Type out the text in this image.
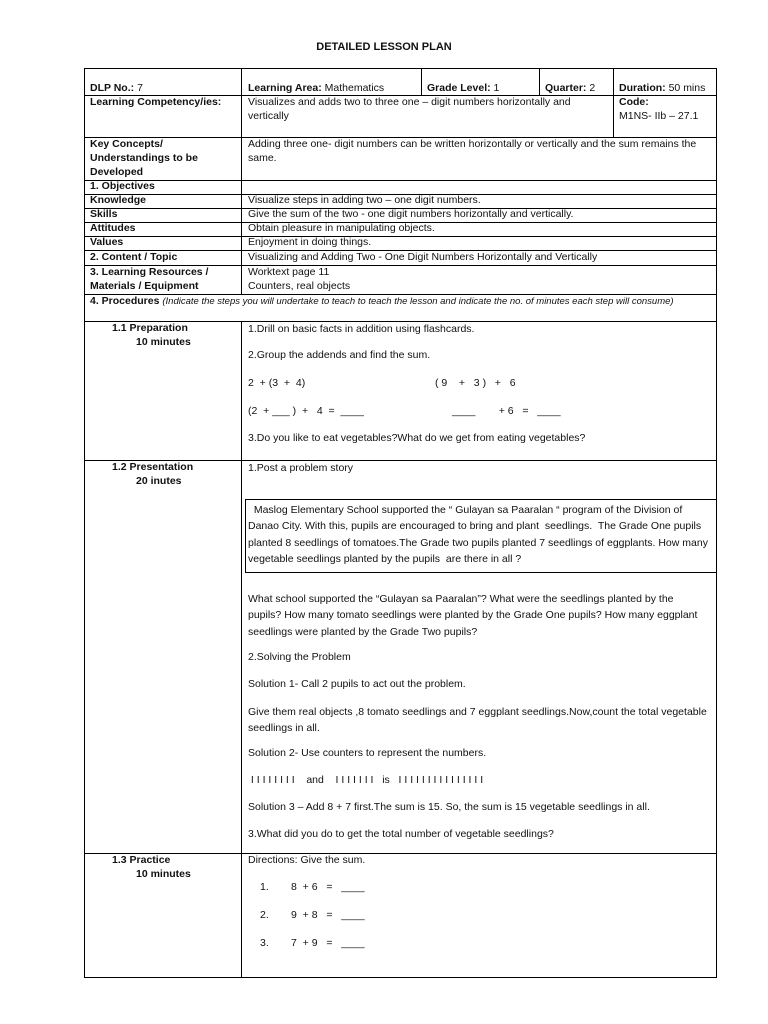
DETAILED LESSON PLAN
DLP No.: 7	Learning Area: Mathematics	Grade Level: 1	Quarter: 2 Duration: 50 mins
Learning Competency/ies:	Visualizes and adds two to three one – digit numbers horizontally and vertically
Code:
M1NS- IIb – 27.1
Key Concepts/ Understandings to be Developed
Adding three one- digit numbers can be written horizontally or vertically and the sum remains the same.
1. Objectives
Knowledge	Visualize steps in adding two – one digit numbers.
Skills	Give the sum of the two - one digit numbers horizontally and vertically.
Attitudes	Obtain pleasure in manipulating objects.
Values	Enjoyment in doing things.
2. Content / Topic	Visualizing and Adding Two - One Digit Numbers Horizontally and Vertically
3. Learning Resources /
Materials / Equipment
Worktext page 11
Counters, real objects
4. Procedures (Indicate the steps you will undertake to teach to teach the lesson and indicate the no. of minutes each step will consume)
1.1 Preparation
10 minutes
1.Drill on basic facts in addition using flashcards.
2.Group the addends and find the sum.
2  + (3  +  4)	( 9    +   3 )   +   6
(2  + ___ )  +   4  =  ____	____        + 6   =   ____
3.Do you like to eat vegetables?What do we get from eating vegetables?
1.2 Presentation
20 inutes
1.Post a problem story
Maslog Elementary School supported the “ Gulayan sa Paaralan “ program of the Division of Danao City. With this, pupils are encouraged to bring and plant  seedlings.  The Grade One pupils planted 8 seedlings of tomatoes.The Grade two pupils planted 7 seedlings of eggplants. How many vegetable seedlings planted by the pupils  are there in all ?
What school supported the “Gulayan sa Paaralan”? What were the seedlings planted by the pupils? How many tomato seedlings were planted by the Grade One pupils? How many eggplant seedlings were planted by the Grade Two pupils?
2.Solving the Problem
Solution 1- Call 2 pupils to act out the problem.
Give them real objects ,8 tomato seedlings and 7 eggplant seedlings.Now,count the total vegetable seedlings in all.
Solution 2- Use counters to represent the numbers.
I I I I I I I I    and    I I I I I I I   is   I I I I I I I I I I I I I I I
Solution 3 – Add 8 + 7 first.The sum is 15. So, the sum is 15 vegetable seedlings in all.
3.What did you do to get the total number of vegetable seedlings?
1.3 Practice
10 minutes
Directions: Give the sum.
1. 8  + 6   =   ____
2. 9  + 8   =   ____
3. 7  + 9   =   ____
